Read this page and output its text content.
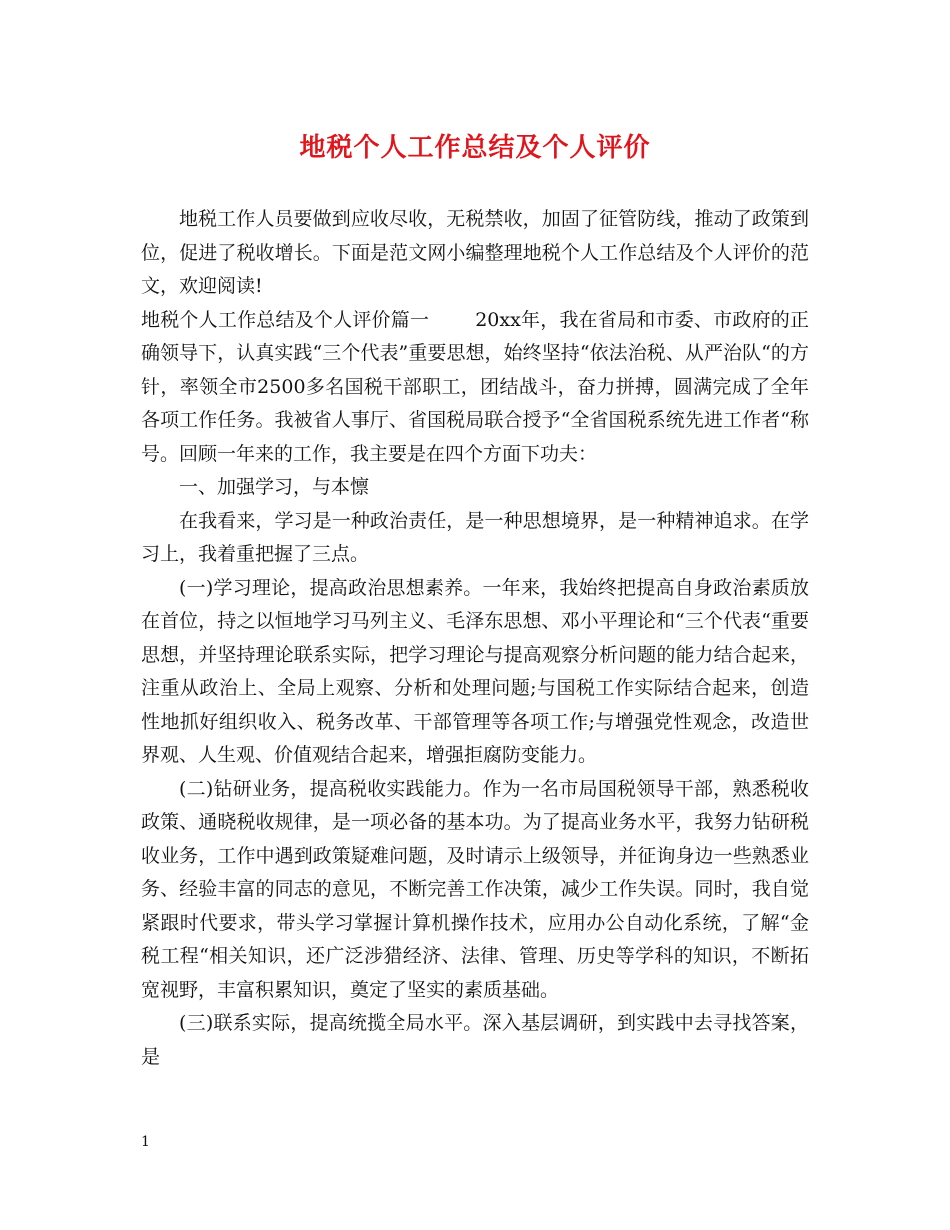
地税个人工作总结及个人评价

地税工作人员要做到应收尽收，无税禁收，加固了征管防线，推动了政策到位，促进了税收增长。下面是范文网小编整理地税个人工作总结及个人评价的范文，欢迎阅读!

地税个人工作总结及个人评价篇一 20xx年，我在省局和市委、市政府的正确领导下，认真实践“三个代表”重要思想，始终坚持“依法治税、从严治队“的方针，率领全市2500多名国税干部职工，团结战斗，奋力拼搏，圆满完成了全年各项工作任务。我被省人事厅、省国税局联合授予“全省国税系统先进工作者“称号。回顾一年来的工作，我主要是在四个方面下功夫：

一、加强学习，与本懔

在我看来，学习是一种政治责任，是一种思想境界，是一种精神追求。在学习上，我着重把握了三点。

(一)学习理论，提高政治思想素养。一年来，我始终把提高自身政治素质放在首位，持之以恒地学习马列主义、毛泽东思想、邓小平理论和“三个代表“重要思想，并坚持理论联系实际，把学习理论与提高观察分析问题的能力结合起来，注重从政治上、全局上观察、分析和处理问题;与国税工作实际结合起来，创造性地抓好组织收入、税务改革、干部管理等各项工作;与增强党性观念，改造世界观、人生观、价值观结合起来，增强拒腐防变能力。

(二)钻研业务，提高税收实践能力。作为一名市局国税领导干部，熟悉税收政策、通晓税收规律，是一项必备的基本功。为了提高业务水平，我努力钻研税收业务，工作中遇到政策疑难问题，及时请示上级领导，并征询身边一些熟悉业务、经验丰富的同志的意见，不断完善工作决策，减少工作失误。同时，我自觉紧跟时代要求，带头学习掌握计算机操作技术，应用办公自动化系统，了解“金税工程“相关知识，还广泛涉猎经济、法律、管理、历史等学科的知识，不断拓宽视野，丰富积累知识，奠定了坚实的素质基础。

(三)联系实际，提高统揽全局水平。深入基层调研，到实践中去寻找答案，是

1
